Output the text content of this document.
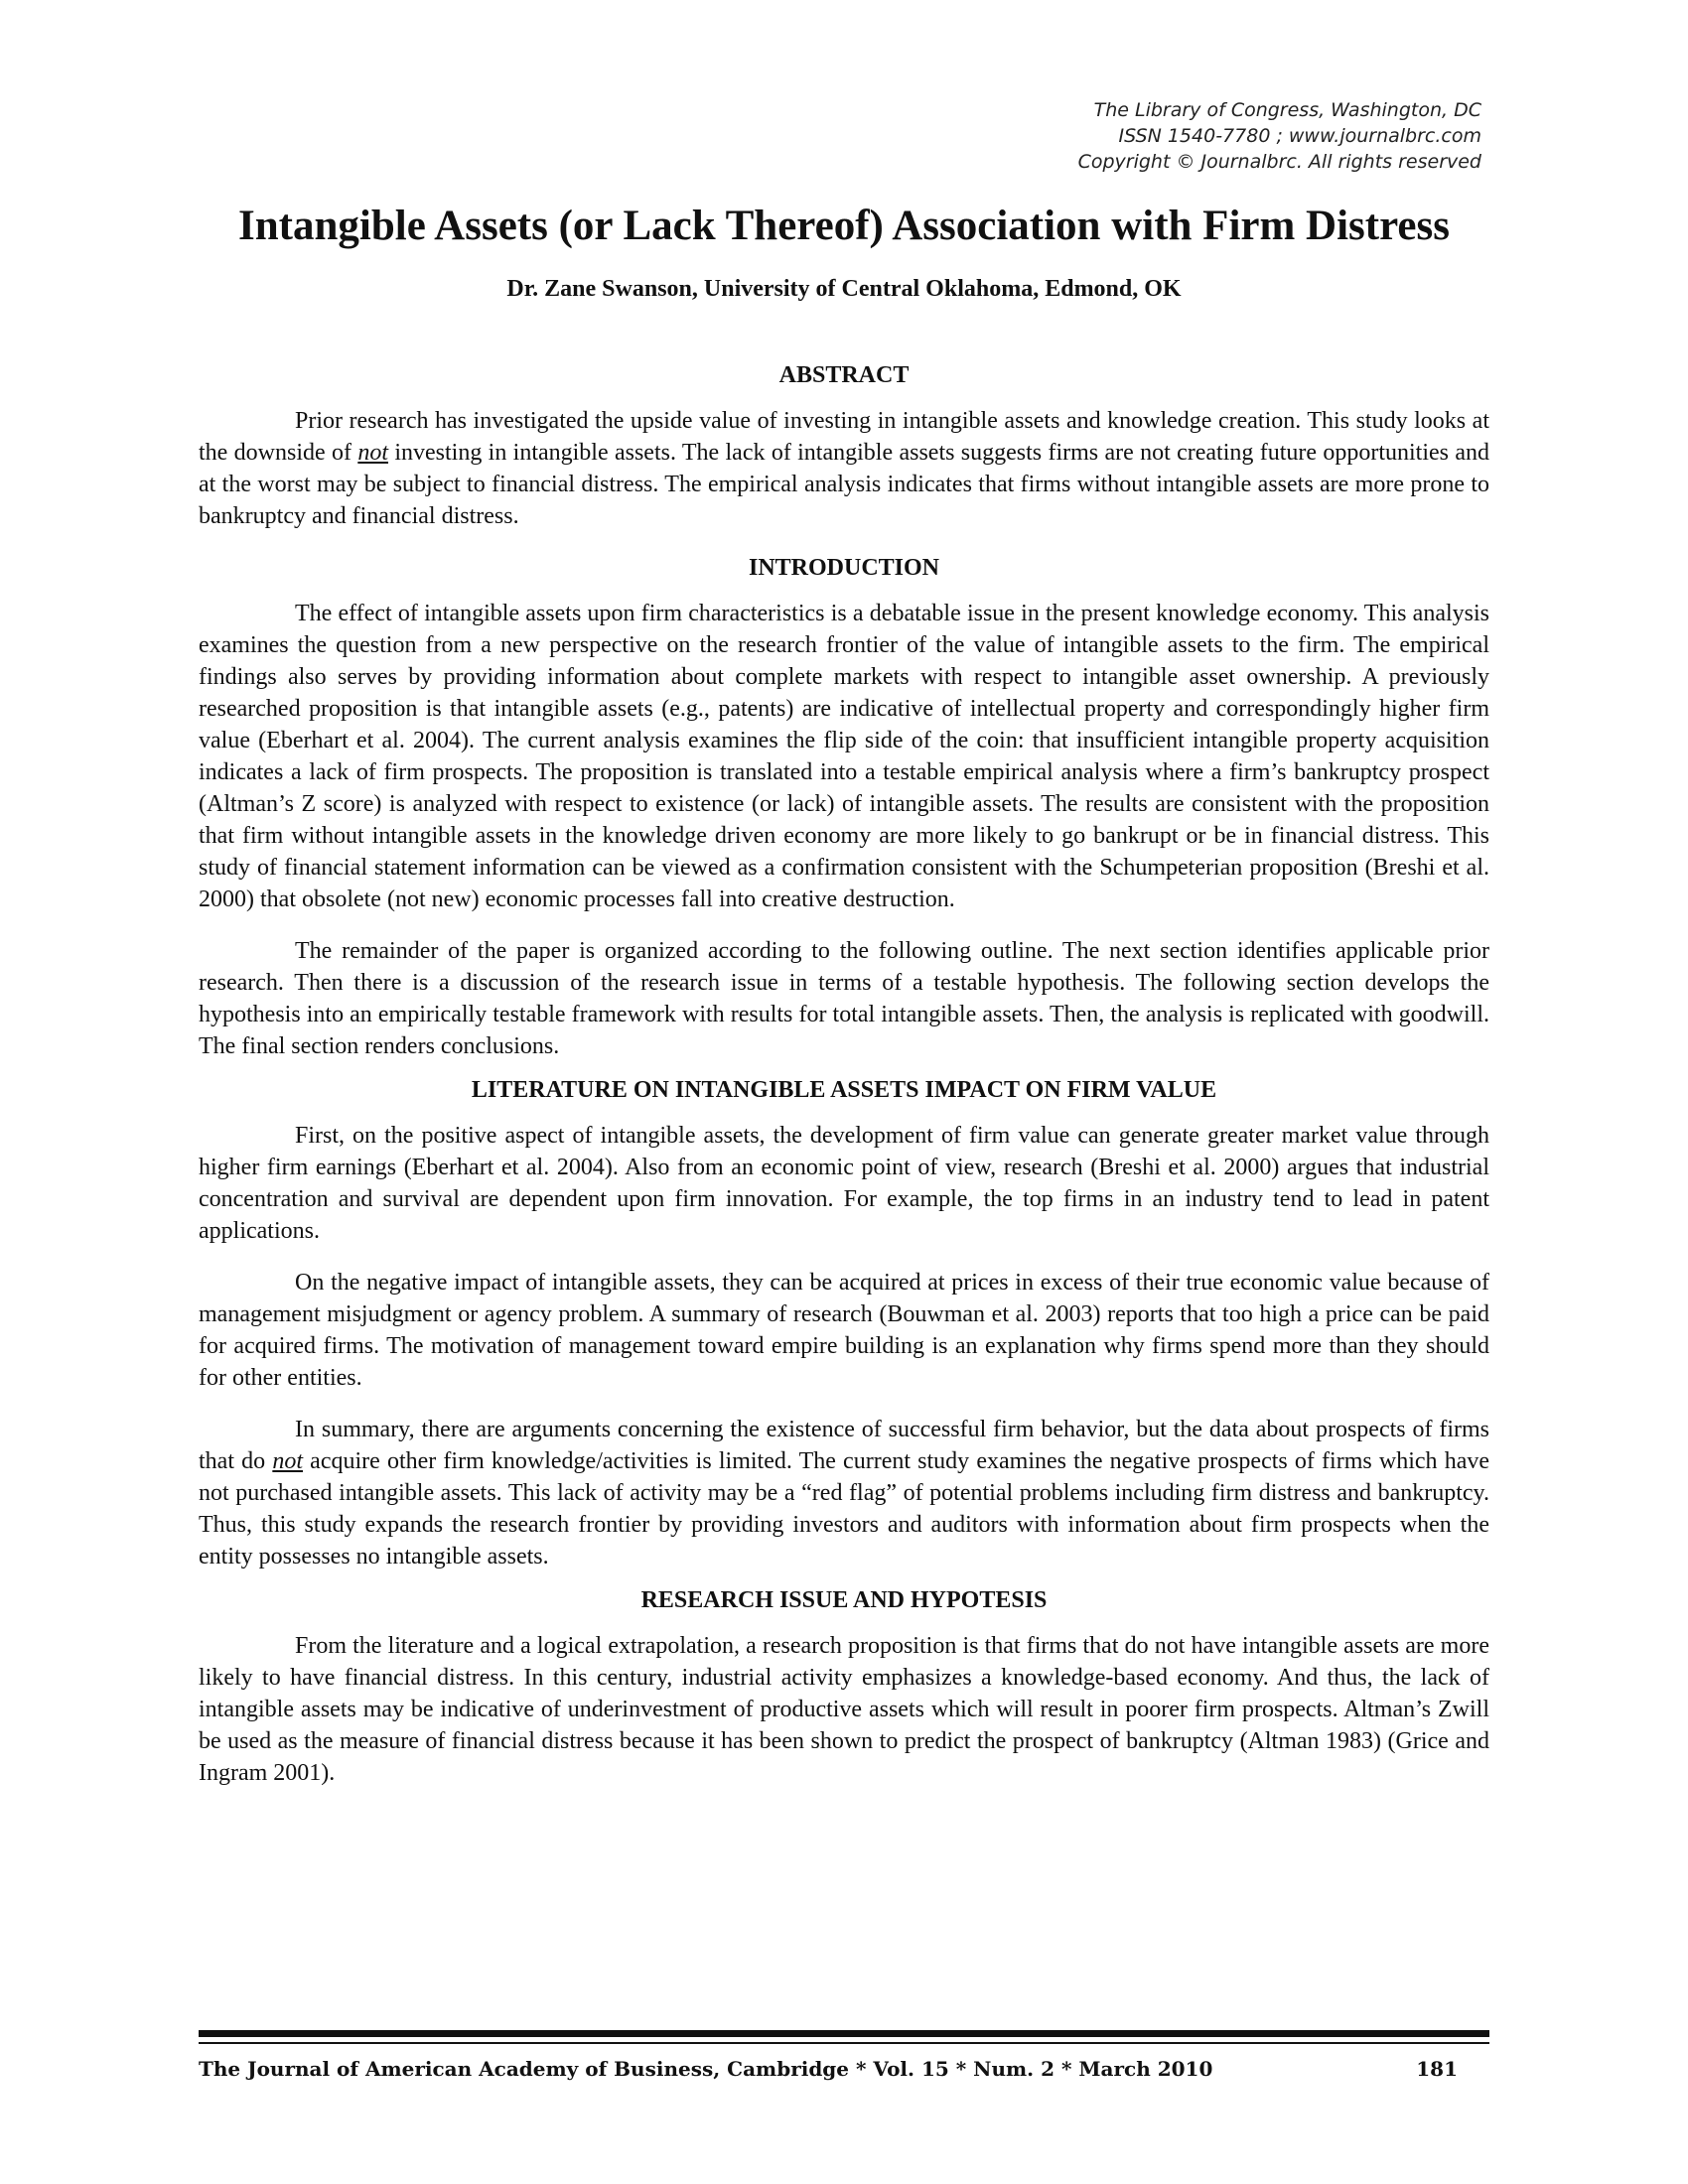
The Library of Congress, Washington, DC
ISSN 1540-7780 ; www.journalbrc.com
Copyright © Journalbrc. All rights reserved
Intangible Assets (or Lack Thereof) Association with Firm Distress
Dr. Zane Swanson, University of Central Oklahoma, Edmond, OK
ABSTRACT

Prior research has investigated the upside value of investing in intangible assets and knowledge creation. This study looks at the downside of not investing in intangible assets. The lack of intangible assets suggests firms are not creating future opportunities and at the worst may be subject to financial distress. The empirical analysis indicates that firms without intangible assets are more prone to bankruptcy and financial distress.

INTRODUCTION

The effect of intangible assets upon firm characteristics is a debatable issue in the present knowledge economy. This analysis examines the question from a new perspective on the research frontier of the value of intangible assets to the firm. The empirical findings also serves by providing information about complete markets with respect to intangible asset ownership. A previously researched proposition is that intangible assets (e.g., patents) are indicative of intellectual property and correspondingly higher firm value (Eberhart et al. 2004). The current analysis examines the flip side of the coin: that insufficient intangible property acquisition indicates a lack of firm prospects. The proposition is translated into a testable empirical analysis where a firm’s bankruptcy prospect (Altman’s Z score) is analyzed with respect to existence (or lack) of intangible assets. The results are consistent with the proposition that firm without intangible assets in the knowledge driven economy are more likely to go bankrupt or be in financial distress. This study of financial statement information can be viewed as a confirmation consistent with the Schumpeterian proposition (Breshi et al. 2000) that obsolete (not new) economic processes fall into creative destruction.

The remainder of the paper is organized according to the following outline. The next section identifies applicable prior research. Then there is a discussion of the research issue in terms of a testable hypothesis. The following section develops the hypothesis into an empirically testable framework with results for total intangible assets. Then, the analysis is replicated with goodwill. The final section renders conclusions.

LITERATURE ON INTANGIBLE ASSETS IMPACT ON FIRM VALUE

First, on the positive aspect of intangible assets, the development of firm value can generate greater market value through higher firm earnings (Eberhart et al. 2004). Also from an economic point of view, research (Breshi et al. 2000) argues that industrial concentration and survival are dependent upon firm innovation. For example, the top firms in an industry tend to lead in patent applications.

On the negative impact of intangible assets, they can be acquired at prices in excess of their true economic value because of management misjudgment or agency problem. A summary of research (Bouwman et al. 2003) reports that too high a price can be paid for acquired firms. The motivation of management toward empire building is an explanation why firms spend more than they should for other entities.

In summary, there are arguments concerning the existence of successful firm behavior, but the data about prospects of firms that do not acquire other firm knowledge/activities is limited. The current study examines the negative prospects of firms which have not purchased intangible assets. This lack of activity may be a “red flag” of potential problems including firm distress and bankruptcy. Thus, this study expands the research frontier by providing investors and auditors with information about firm prospects when the entity possesses no intangible assets.

RESEARCH ISSUE AND HYPOTESIS

From the literature and a logical extrapolation, a research proposition is that firms that do not have intangible assets are more likely to have financial distress. In this century, industrial activity emphasizes a knowledge-based economy. And thus, the lack of intangible assets may be indicative of underinvestment of productive assets which will result in poorer firm prospects. Altman’s Zwill be used as the measure of financial distress because it has been shown to predict the prospect of bankruptcy (Altman 1983) (Grice and Ingram 2001).

The Journal of American Academy of Business, Cambridge * Vol. 15 * Num. 2 * March 2010	181
